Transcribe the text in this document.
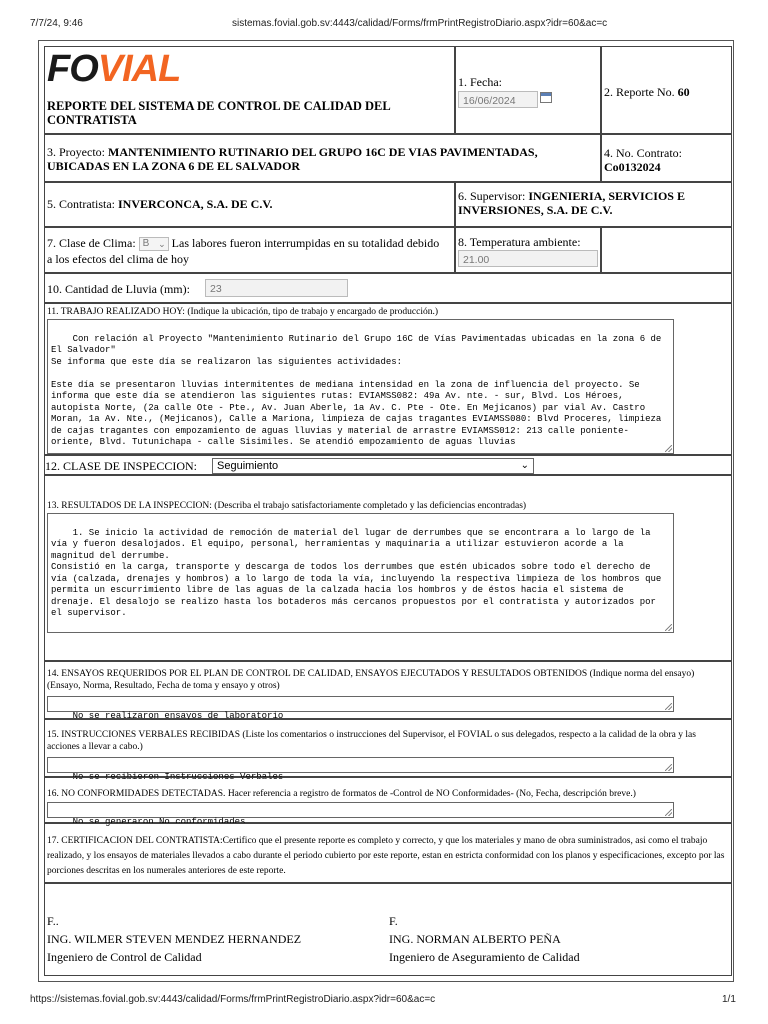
7/7/24, 9:46	sistemas.fovial.gob.sv:4443/calidad/Forms/frmPrintRegistroDiario.aspx?idr=60&ac=c
FOVIAL
REPORTE DEL SISTEMA DE CONTROL DE CALIDAD DEL CONTRATISTA
1. Fecha:
16/06/2024
2. Reporte No. 60
3. Proyecto: MANTENIMIENTO RUTINARIO DEL GRUPO 16C DE VIAS PAVIMENTADAS, UBICADAS EN LA ZONA 6 DE EL SALVADOR
4. No. Contrato:
Co0132024
5. Contratista: INVERCONCA, S.A. DE C.V.
6. Supervisor: INGENIERIA, SERVICIOS E INVERSIONES, S.A. DE C.V.
7. Clase de Clima: B ⌄ Las labores fueron interrumpidas en su totalidad debido a los efectos del clima de hoy
8. Temperatura ambiente:
21.00
10. Cantidad de Lluvia (mm):	23
11. TRABAJO REALIZADO HOY: (Indique la ubicación, tipo de trabajo y encargado de producción.)

Con relación al Proyecto "Mantenimiento Rutinario del Grupo 16C de Vías Pavimentadas ubicadas en la zona 6 de El Salvador"
Se informa que este día se realizaron las siguientes actividades:

Este día se presentaron lluvias intermitentes de mediana intensidad en la zona de influencia del proyecto. Se informa que este día se atendieron las siguientes rutas: EVIAMSS082: 49a Av. nte. - sur, Blvd. Los Héroes, autopista Norte, (2a calle Ote - Pte., Av. Juan Aberle, 1a Av. C. Pte - Ote. En Mejicanos) par vial Av. Castro Moran, 1a Av. Nte., (Mejicanos), Calle a Mariona, limpieza de cajas tragantes EVIAMSS080: Blvd Proceres, limpieza de cajas tragantes con empozamiento de aguas lluvias y material de arrastre EVIAMSS012: 213 calle poniente-oriente, Blvd. Tutunichapa - calle Sisimiles. Se atendió empozamiento de aguas lluvias

12. CLASE DE INSPECCION:	Seguimiento	⌄
13. RESULTADOS DE LA INSPECCION: (Describa el trabajo satisfactoriamente completado y las deficiencias encontradas)

1. Se inicio la actividad de remoción de material del lugar de derrumbes que se encontrara a lo largo de la vía y fueron desalojados. El equipo, personal, herramientas y maquinaria a utilizar estuvieron acorde a la magnitud del derrumbe.
Consistió en la carga, transporte y descarga de todos los derrumbes que estén ubicados sobre todo el derecho de vía (calzada, drenajes y hombros) a lo largo de toda la vía, incluyendo la respectiva limpieza de los hombros que permita un escurrimiento libre de las aguas de la calzada hacia los hombros y de éstos hacia el sistema de drenaje. El desalojo se realizo hasta los botaderos más cercanos propuestos por el contratista y autorizados por el supervisor.

14. ENSAYOS REQUERIDOS POR EL PLAN DE CONTROL DE CALIDAD, ENSAYOS EJECUTADOS Y RESULTADOS OBTENIDOS (Indique norma del ensayo) (Ensayo, Norma, Resultado, Fecha de toma y ensayo y otros)

No se realizaron ensayos de laboratorio

15. INSTRUCCIONES VERBALES RECIBIDAS (Liste los comentarios o instrucciones del Supervisor, el FOVIAL o sus delegados, respecto a la calidad de la obra y las acciones a llevar a cabo.)

No se recibieron Instrucciones Verbales

16. NO CONFORMIDADES DETECTADAS. Hacer referencia a registro de formatos de -Control de NO Conformidades- (No, Fecha, descripción breve.)

No se generaron No conformidades

17. CERTIFICACION DEL CONTRATISTA:Certifico que el presente reporte es completo y correcto, y que los materiales y mano de obra suministrados, asi como el trabajo realizado, y los ensayos de materiales llevados a cabo durante el periodo cubierto por este reporte, estan en estricta conformidad con los planos y especificaciones, excepto por las porciones descritas en los numerales anteriores de este reporte.
F..
ING. WILMER STEVEN MENDEZ HERNANDEZ
Ingeniero de Control de Calidad
F.
ING. NORMAN ALBERTO PEÑA
Ingeniero de Aseguramiento de Calidad
https://sistemas.fovial.gob.sv:4443/calidad/Forms/frmPrintRegistroDiario.aspx?idr=60&ac=c	1/1
